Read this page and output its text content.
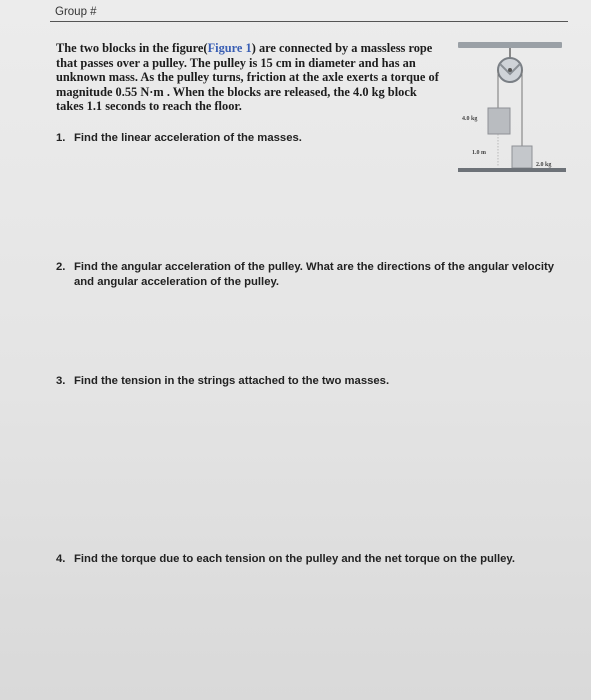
Group #

The two blocks in the figure(Figure 1) are connected by a massless rope that passes over a pulley. The pulley is 15 cm in diameter and has an unknown mass. As the pulley turns, friction at the axle exerts a torque of magnitude 0.55 N·m . When the blocks are released, the 4.0 kg block takes 1.1 seconds to reach the floor.

4.0 kg
1.0 m
2.0 kg

1. Find the linear acceleration of the masses.

2. Find the angular acceleration of the pulley. What are the directions of the angular velocity
and angular acceleration of the pulley.

3. Find the tension in the strings attached to the two masses.

4. Find the torque due to each tension on the pulley and the net torque on the pulley.
